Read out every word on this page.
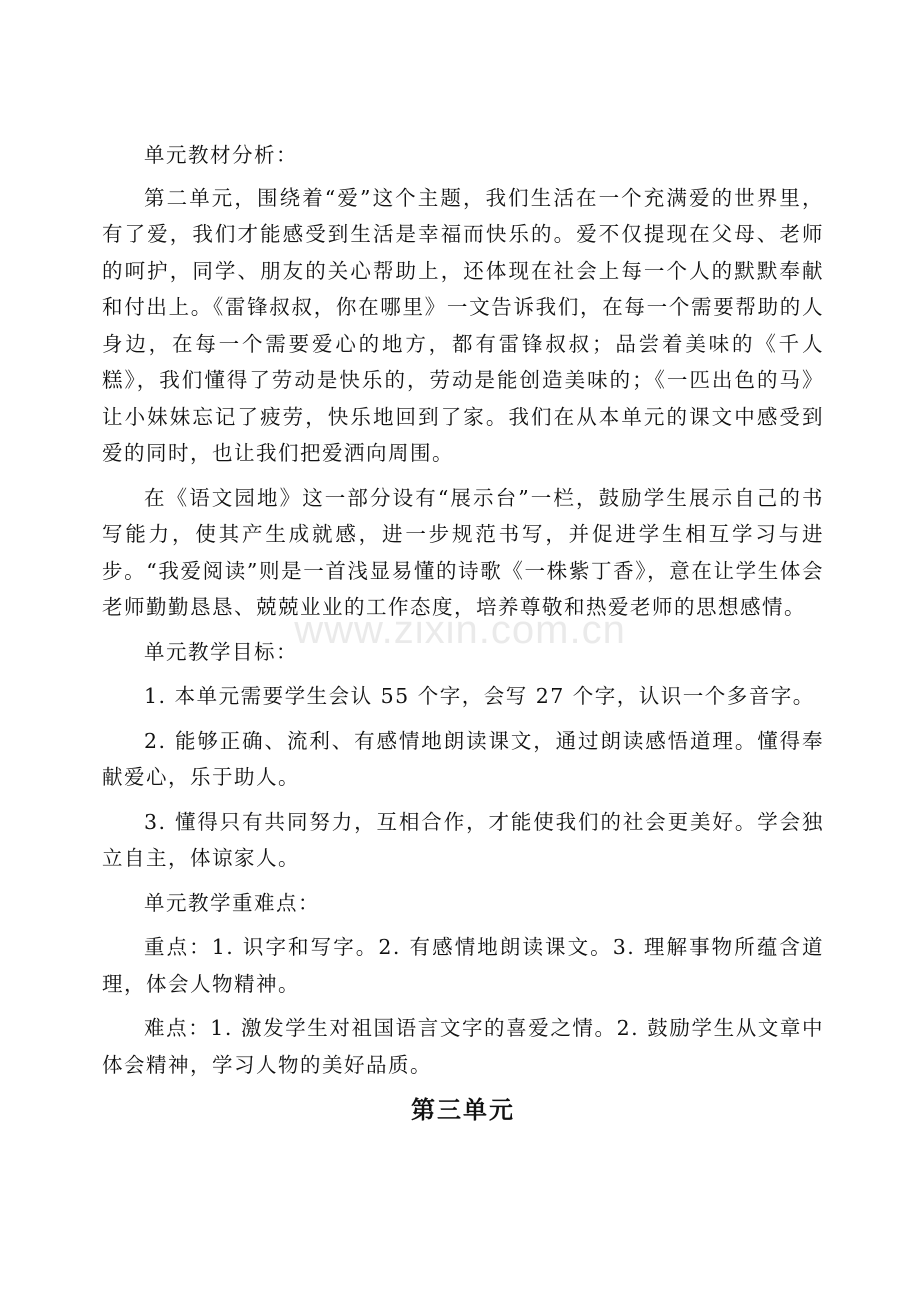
www.zixin.com.cn

单元教材分析：

第二单元，围绕着“爱”这个主题，我们生活在一个充满爱的世界里，有了爱，我们才能感受到生活是幸福而快乐的。爱不仅提现在父母、老师的呵护，同学、朋友的关心帮助上，还体现在社会上每一个人的默默奉献和付出上。《雷锋叔叔，你在哪里》一文告诉我们，在每一个需要帮助的人身边，在每一个需要爱心的地方，都有雷锋叔叔；品尝着美味的《千人糕》，我们懂得了劳动是快乐的，劳动是能创造美味的；《一匹出色的马》让小妹妹忘记了疲劳，快乐地回到了家。我们在从本单元的课文中感受到爱的同时，也让我们把爱洒向周围。

在《语文园地》这一部分设有“展示台”一栏，鼓励学生展示自己的书写能力，使其产生成就感，进一步规范书写，并促进学生相互学习与进步。“我爱阅读”则是一首浅显易懂的诗歌《一株紫丁香》，意在让学生体会老师勤勤恳恳、兢兢业业的工作态度，培养尊敬和热爱老师的思想感情。

单元教学目标：

1. 本单元需要学生会认 55 个字，会写 27 个字，认识一个多音字。

2. 能够正确、流利、有感情地朗读课文，通过朗读感悟道理。懂得奉献爱心，乐于助人。

3. 懂得只有共同努力，互相合作，才能使我们的社会更美好。学会独立自主，体谅家人。

单元教学重难点：

重点：1. 识字和写字。2. 有感情地朗读课文。3. 理解事物所蕴含道理，体会人物精神。

难点：1. 激发学生对祖国语言文字的喜爱之情。2. 鼓励学生从文章中体会精神，学习人物的美好品质。

第三单元
